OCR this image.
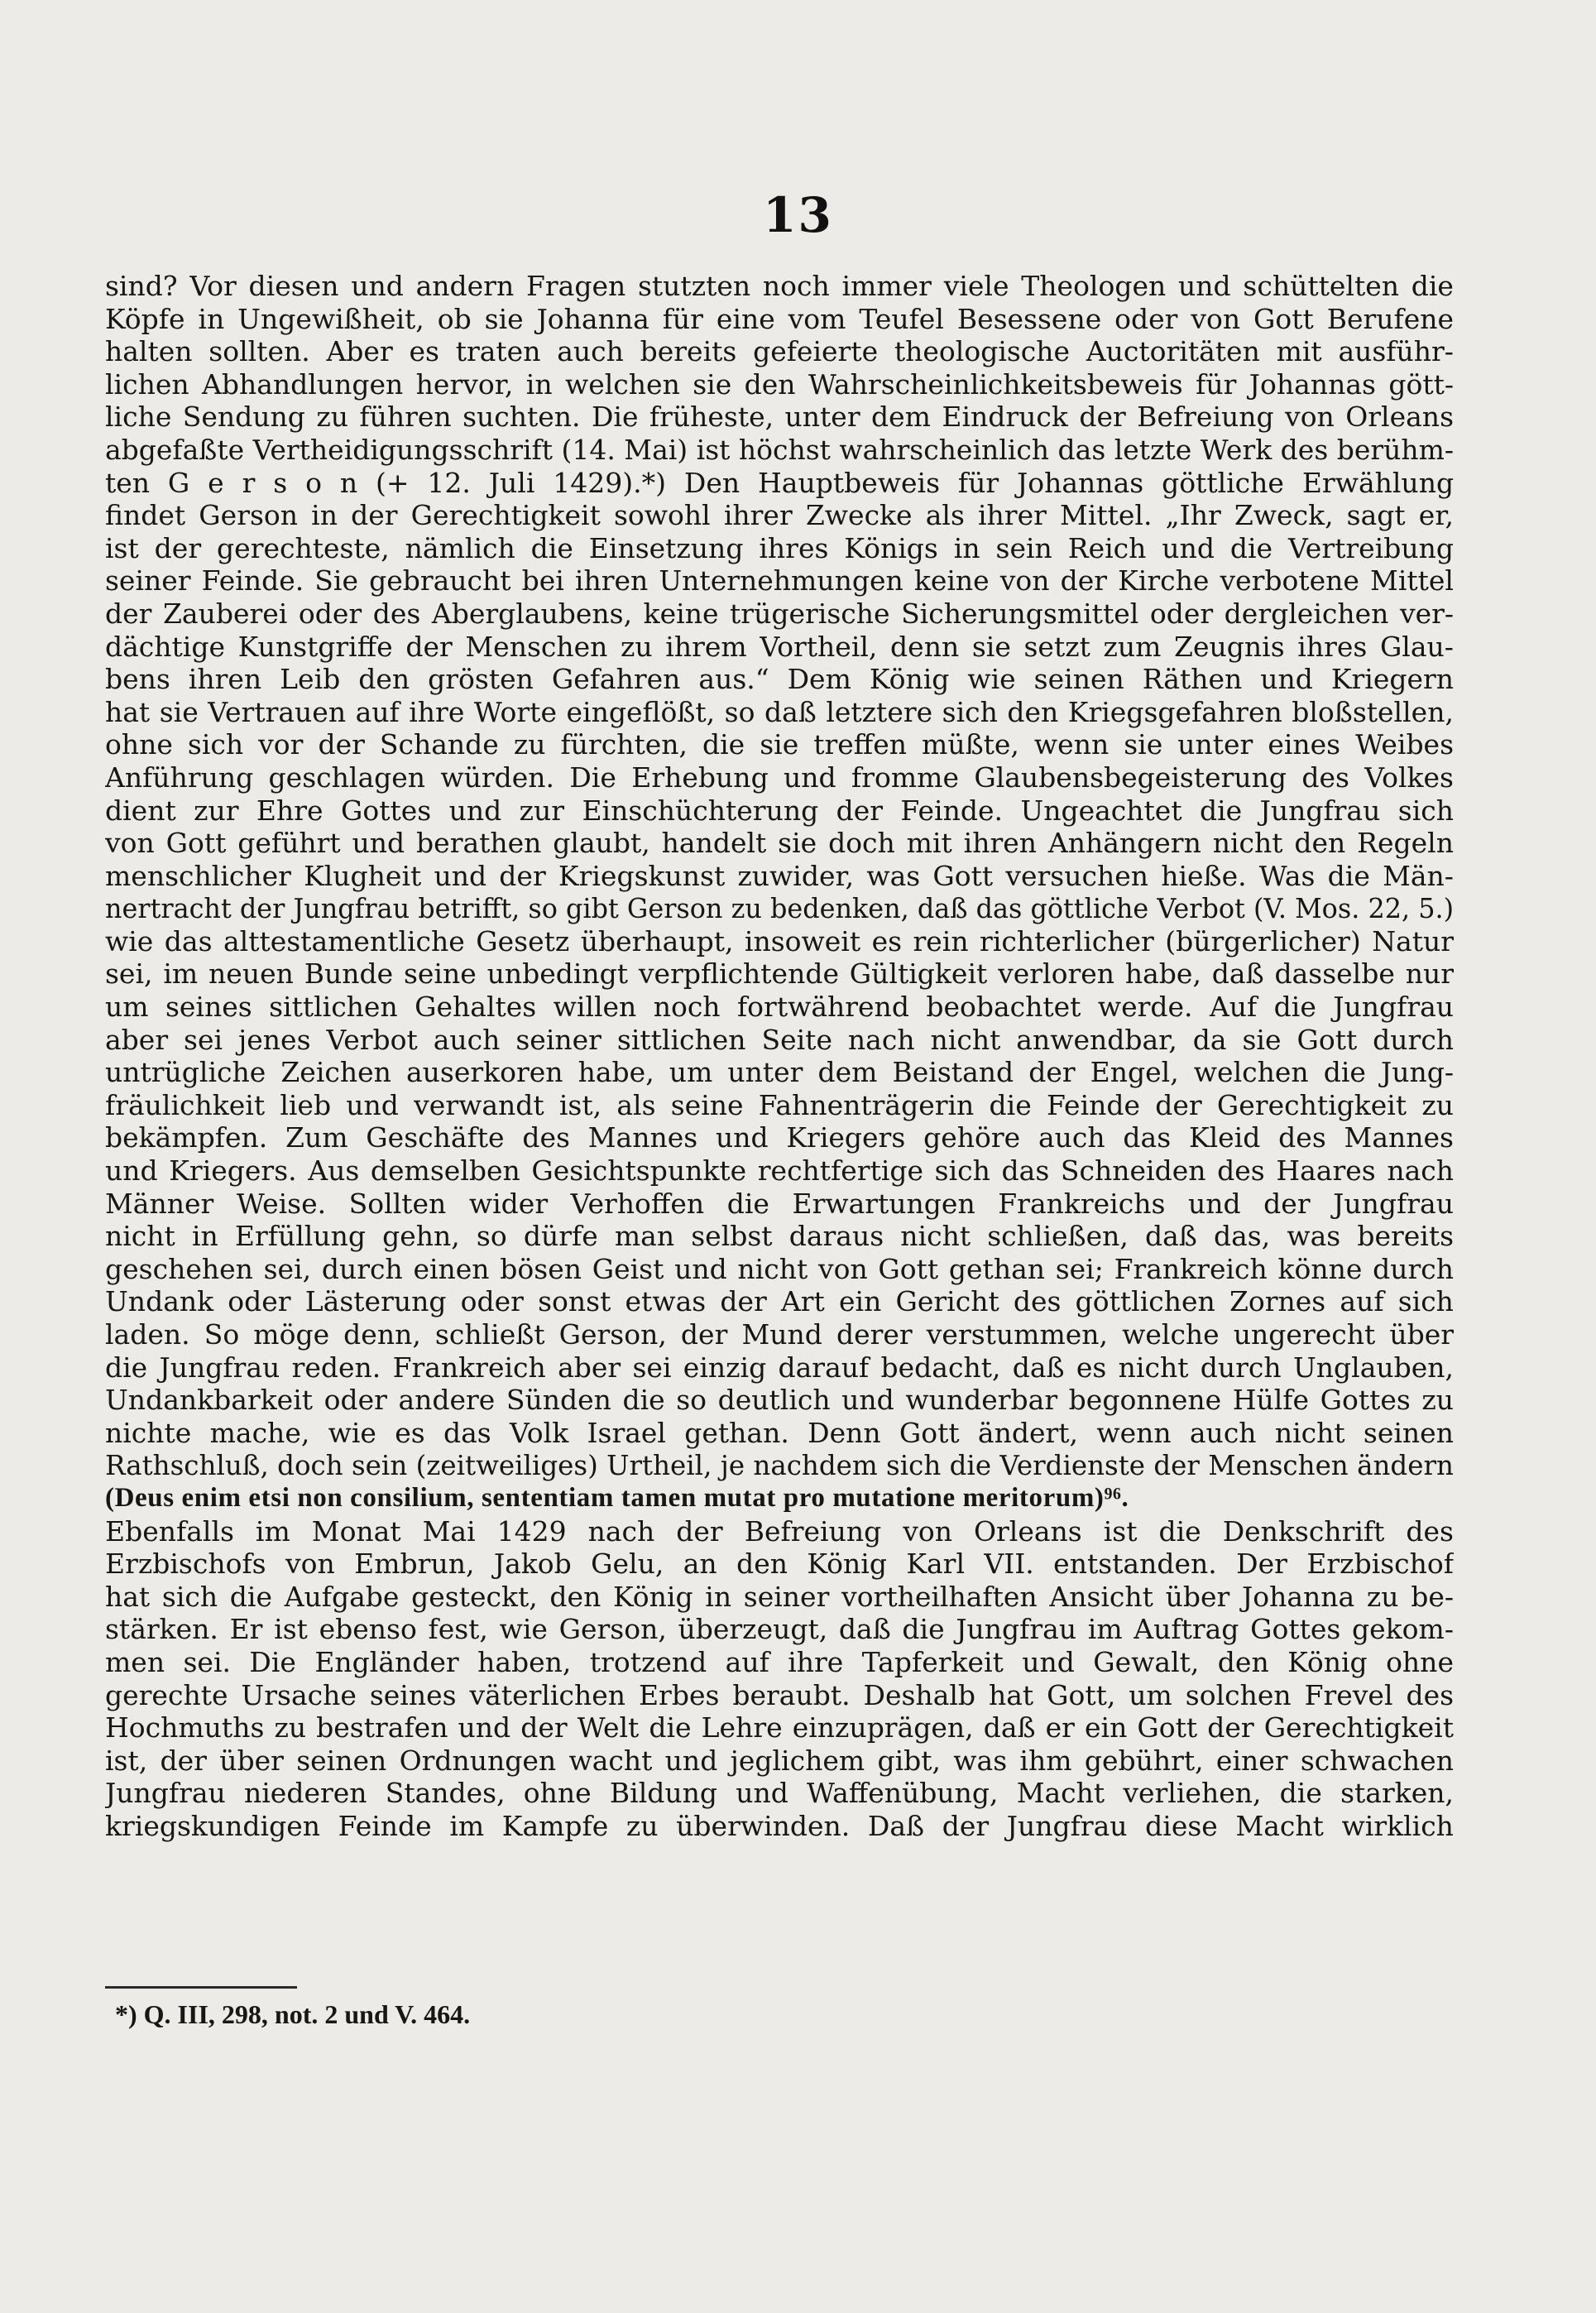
13
sind? Vor diesen und andern Fragen stutzten noch immer viele Theologen und schüttelten die
Köpfe in Ungewißheit, ob sie Johanna für eine vom Teufel Besessene oder von Gott Berufene
halten sollten. Aber es traten auch bereits gefeierte theologische Auctoritäten mit ausführ-
lichen Abhandlungen hervor, in welchen sie den Wahrscheinlichkeitsbeweis für Johannas gött-
liche Sendung zu führen suchten. Die früheste, unter dem Eindruck der Befreiung von Orleans
abgefaßte Vertheidigungsschrift (14. Mai) ist höchst wahrscheinlich das letzte Werk des berühm-
ten G e r s o n (+ 12. Juli 1429).*) Den Hauptbeweis für Johannas göttliche Erwählung
findet Gerson in der Gerechtigkeit sowohl ihrer Zwecke als ihrer Mittel. „Ihr Zweck, sagt er,
ist der gerechteste, nämlich die Einsetzung ihres Königs in sein Reich und die Vertreibung
seiner Feinde. Sie gebraucht bei ihren Unternehmungen keine von der Kirche verbotene Mittel
der Zauberei oder des Aberglaubens, keine trügerische Sicherungsmittel oder dergleichen ver-
dächtige Kunstgriffe der Menschen zu ihrem Vortheil, denn sie setzt zum Zeugnis ihres Glau-
bens ihren Leib den grösten Gefahren aus.“ Dem König wie seinen Räthen und Kriegern
hat sie Vertrauen auf ihre Worte eingeflößt, so daß letztere sich den Kriegsgefahren bloßstellen,
ohne sich vor der Schande zu fürchten, die sie treffen müßte, wenn sie unter eines Weibes
Anführung geschlagen würden. Die Erhebung und fromme Glaubensbegeisterung des Volkes
dient zur Ehre Gottes und zur Einschüchterung der Feinde. Ungeachtet die Jungfrau sich
von Gott geführt und berathen glaubt, handelt sie doch mit ihren Anhängern nicht den Regeln
menschlicher Klugheit und der Kriegskunst zuwider, was Gott versuchen hieße. Was die Män-
nertracht der Jungfrau betrifft, so gibt Gerson zu bedenken, daß das göttliche Verbot (V. Mos. 22, 5.)
wie das alttestamentliche Gesetz überhaupt, insoweit es rein richterlicher (bürgerlicher) Natur
sei, im neuen Bunde seine unbedingt verpflichtende Gültigkeit verloren habe, daß dasselbe nur
um seines sittlichen Gehaltes willen noch fortwährend beobachtet werde. Auf die Jungfrau
aber sei jenes Verbot auch seiner sittlichen Seite nach nicht anwendbar, da sie Gott durch
untrügliche Zeichen auserkoren habe, um unter dem Beistand der Engel, welchen die Jung-
fräulichkeit lieb und verwandt ist, als seine Fahnenträgerin die Feinde der Gerechtigkeit zu
bekämpfen. Zum Geschäfte des Mannes und Kriegers gehöre auch das Kleid des Mannes
und Kriegers. Aus demselben Gesichtspunkte rechtfertige sich das Schneiden des Haares nach
Männer Weise. Sollten wider Verhoffen die Erwartungen Frankreichs und der Jungfrau
nicht in Erfüllung gehn, so dürfe man selbst daraus nicht schließen, daß das, was bereits
geschehen sei, durch einen bösen Geist und nicht von Gott gethan sei; Frankreich könne durch
Undank oder Lästerung oder sonst etwas der Art ein Gericht des göttlichen Zornes auf sich
laden. So möge denn, schließt Gerson, der Mund derer verstummen, welche ungerecht über
die Jungfrau reden. Frankreich aber sei einzig darauf bedacht, daß es nicht durch Unglauben,
Undankbarkeit oder andere Sünden die so deutlich und wunderbar begonnene Hülfe Gottes zu
nichte mache, wie es das Volk Israel gethan. Denn Gott ändert, wenn auch nicht seinen
Rathschluß, doch sein (zeitweiliges) Urtheil, je nachdem sich die Verdienste der Menschen ändern
(Deus enim etsi non consilium, sententiam tamen mutat pro mutatione meritorum)⁹⁶.
Ebenfalls im Monat Mai 1429 nach der Befreiung von Orleans ist die Denkschrift des
Erzbischofs von Embrun, Jakob Gelu, an den König Karl VII. entstanden. Der Erzbischof
hat sich die Aufgabe gesteckt, den König in seiner vortheilhaften Ansicht über Johanna zu be-
stärken. Er ist ebenso fest, wie Gerson, überzeugt, daß die Jungfrau im Auftrag Gottes gekom-
men sei. Die Engländer haben, trotzend auf ihre Tapferkeit und Gewalt, den König ohne
gerechte Ursache seines väterlichen Erbes beraubt. Deshalb hat Gott, um solchen Frevel des
Hochmuths zu bestrafen und der Welt die Lehre einzuprägen, daß er ein Gott der Gerechtigkeit
ist, der über seinen Ordnungen wacht und jeglichem gibt, was ihm gebührt, einer schwachen
Jungfrau niederen Standes, ohne Bildung und Waffenübung, Macht verliehen, die starken,
kriegskundigen Feinde im Kampfe zu überwinden. Daß der Jungfrau diese Macht wirklich
*) Q. III, 298, not. 2 und V. 464.
